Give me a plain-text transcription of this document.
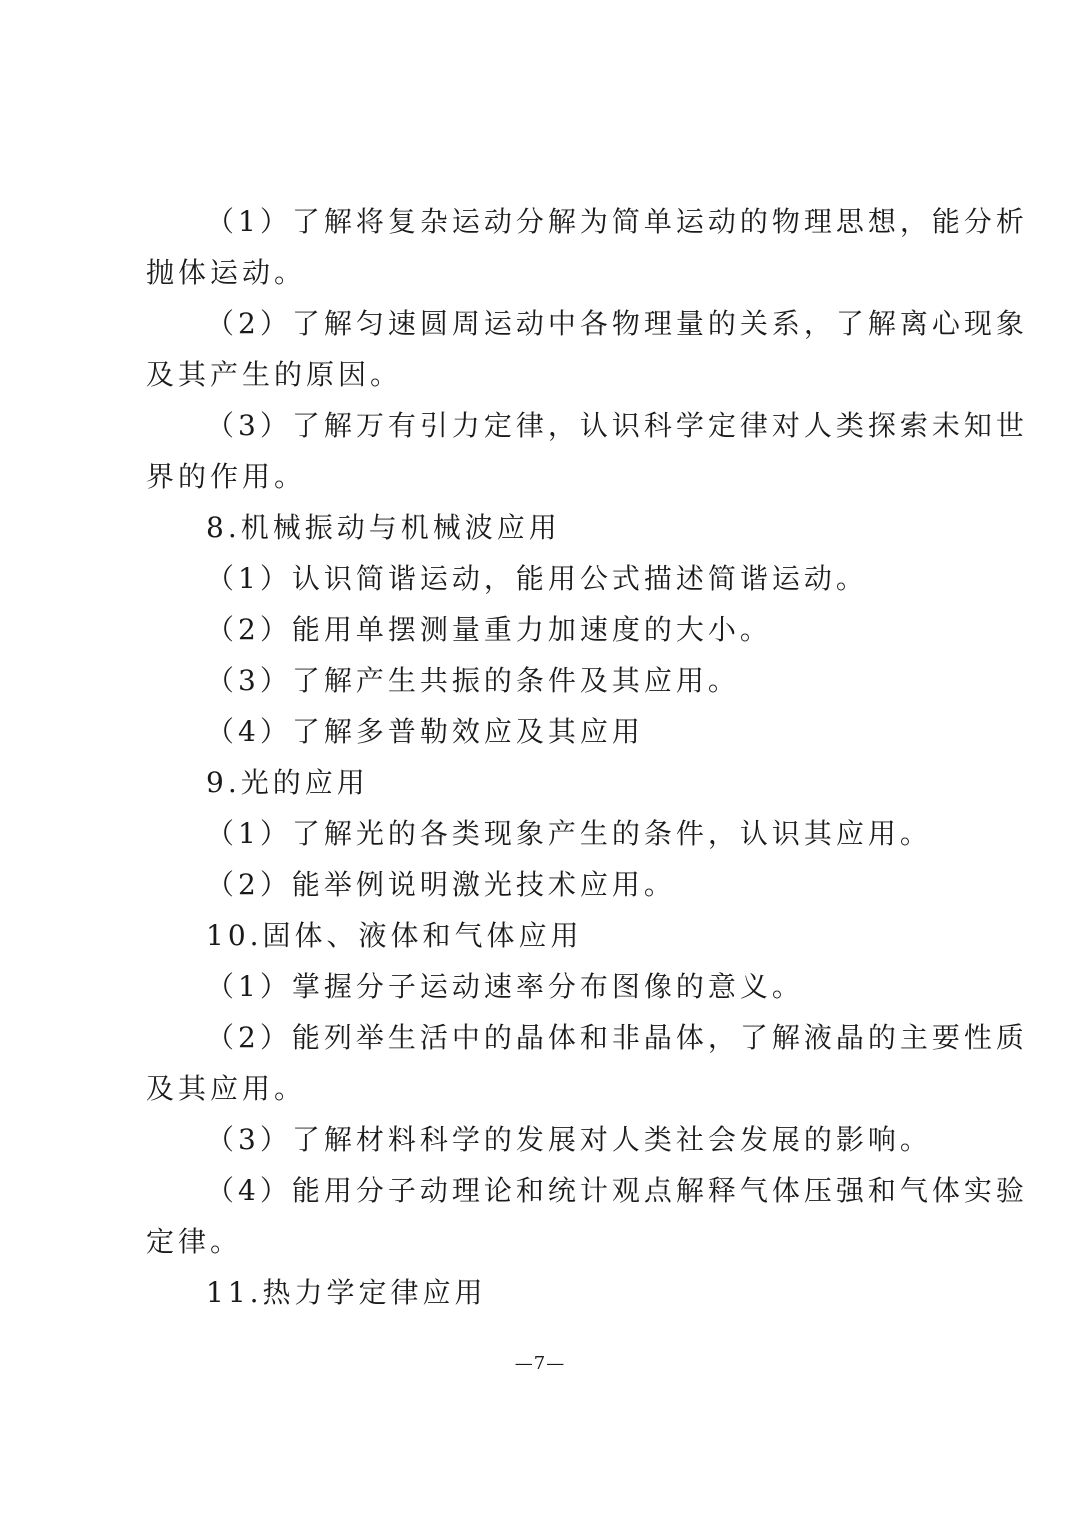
（1）了解将复杂运动分解为简单运动的物理思想，能分析
抛体运动。
（2）了解匀速圆周运动中各物理量的关系，了解离心现象
及其产生的原因。
（3）了解万有引力定律，认识科学定律对人类探索未知世
界的作用。
8.机械振动与机械波应用
（1）认识简谐运动，能用公式描述简谐运动。
（2）能用单摆测量重力加速度的大小。
（3）了解产生共振的条件及其应用。
（4）了解多普勒效应及其应用
9.光的应用
（1）了解光的各类现象产生的条件，认识其应用。
（2）能举例说明激光技术应用。
10.固体、液体和气体应用
（1）掌握分子运动速率分布图像的意义。
（2）能列举生活中的晶体和非晶体，了解液晶的主要性质
及其应用。
（3）了解材料科学的发展对人类社会发展的影响。
（4）能用分子动理论和统计观点解释气体压强和气体实验
定律。
11.热力学定律应用
—7—
